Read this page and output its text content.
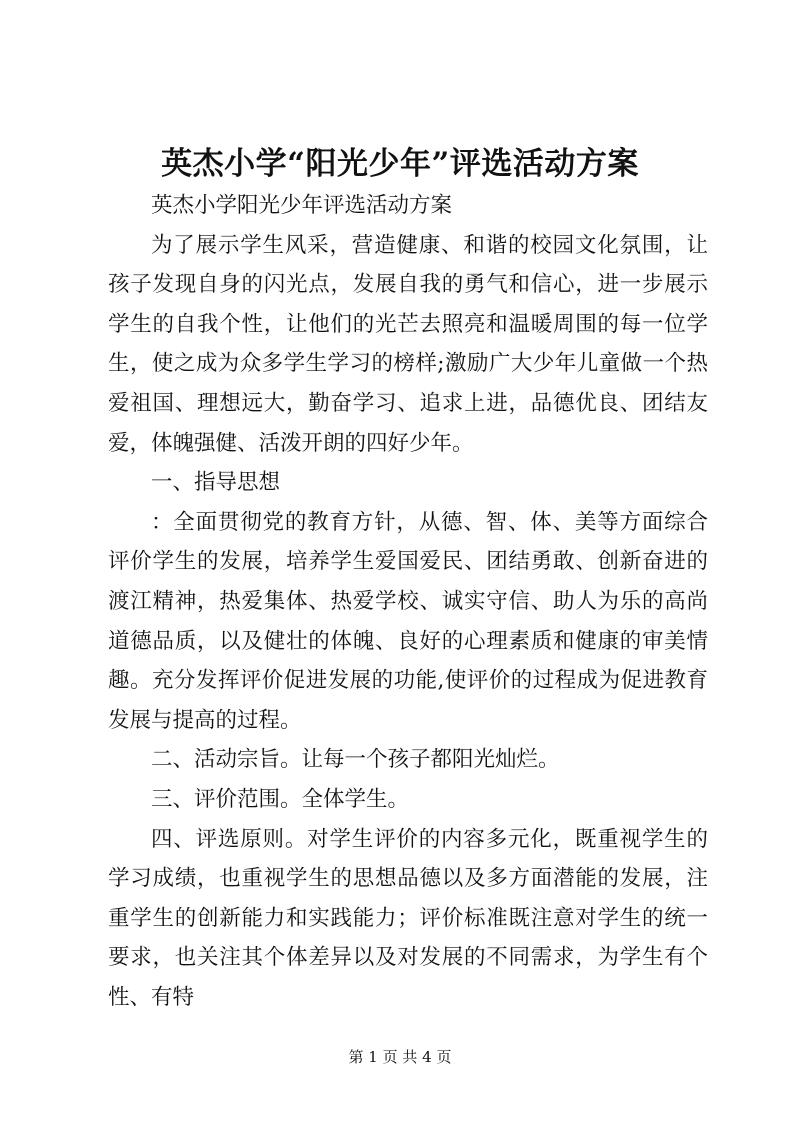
英杰小学“阳光少年”评选活动方案

英杰小学阳光少年评选活动方案

为了展示学生风采，营造健康、和谐的校园文化氛围，让孩子发现自身的闪光点，发展自我的勇气和信心，进一步展示学生的自我个性，让他们的光芒去照亮和温暖周围的每一位学生，使之成为众多学生学习的榜样;激励广大少年儿童做一个热爱祖国、理想远大，勤奋学习、追求上进，品德优良、团结友爱，体魄强健、活泼开朗的四好少年。

一、指导思想

：全面贯彻党的教育方针，从德、智、体、美等方面综合评价学生的发展，培养学生爱国爱民、团结勇敢、创新奋进的渡江精神，热爱集体、热爱学校、诚实守信、助人为乐的高尚道德品质，以及健壮的体魄、良好的心理素质和健康的审美情趣。充分发挥评价促进发展的功能,使评价的过程成为促进教育发展与提高的过程。

二、活动宗旨。让每一个孩子都阳光灿烂。

三、评价范围。全体学生。

四、评选原则。对学生评价的内容多元化，既重视学生的学习成绩，也重视学生的思想品德以及多方面潜能的发展，注重学生的创新能力和实践能力；评价标准既注意对学生的统一要求，也关注其个体差异以及对发展的不同需求，为学生有个性、有特

第 1 页 共 4 页
